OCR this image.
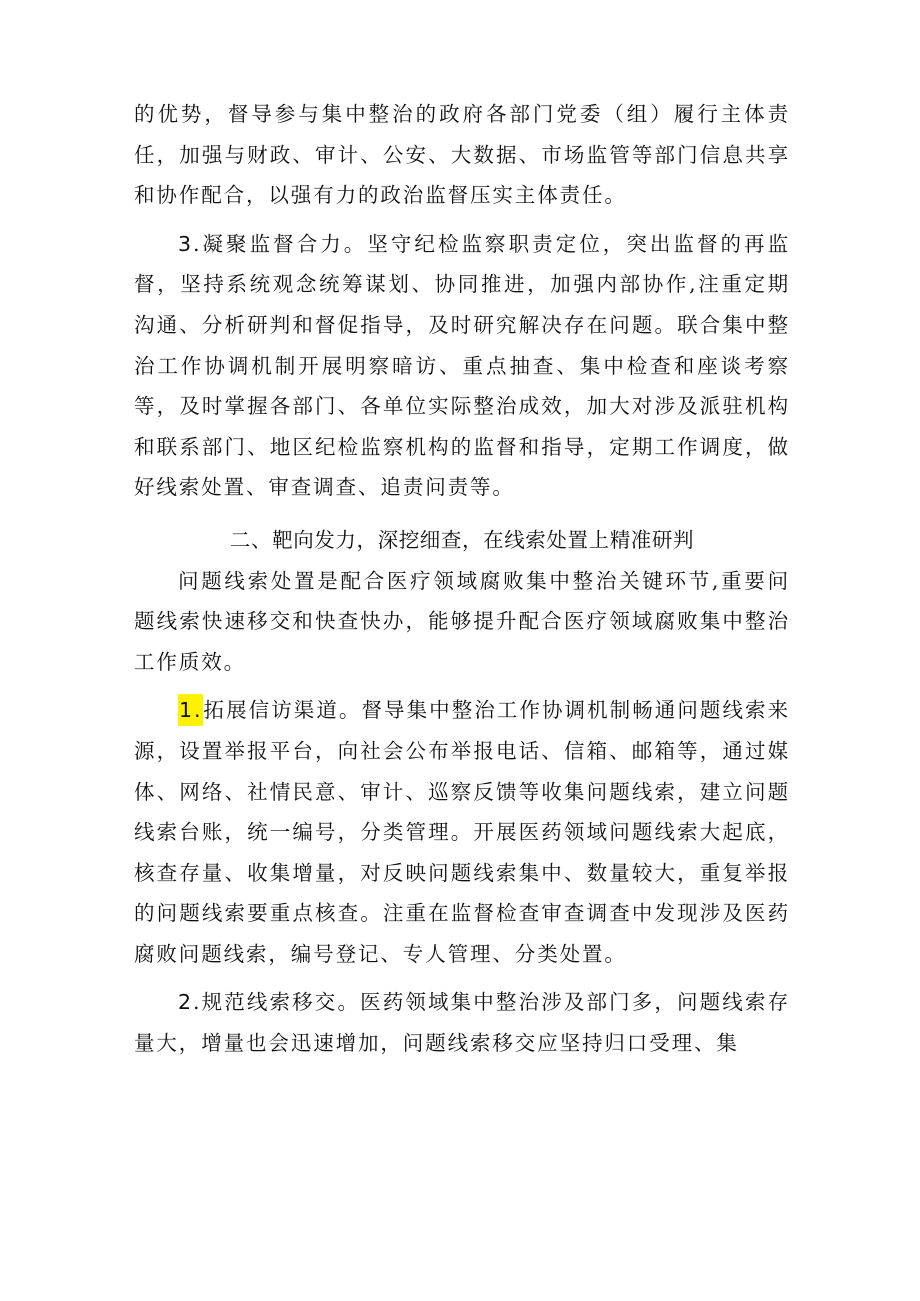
的优势，督导参与集中整治的政府各部门党委（组）履行主体责任，加强与财政、审计、公安、大数据、市场监管等部门信息共享和协作配合，以强有力的政治监督压实主体责任。

3.凝聚监督合力。坚守纪检监察职责定位，突出监督的再监督，坚持系统观念统筹谋划、协同推进，加强内部协作,注重定期沟通、分析研判和督促指导，及时研究解决存在问题。联合集中整治工作协调机制开展明察暗访、重点抽查、集中检查和座谈考察等，及时掌握各部门、各单位实际整治成效，加大对涉及派驻机构和联系部门、地区纪检监察机构的监督和指导，定期工作调度，做好线索处置、审查调查、追责问责等。

二、靶向发力，深挖细查，在线索处置上精准研判

问题线索处置是配合医疗领域腐败集中整治关键环节,重要问题线索快速移交和快查快办，能够提升配合医疗领域腐败集中整治工作质效。

1.拓展信访渠道。督导集中整治工作协调机制畅通问题线索来源，设置举报平台，向社会公布举报电话、信箱、邮箱等，通过媒体、网络、社情民意、审计、巡察反馈等收集问题线索，建立问题线索台账，统一编号，分类管理。开展医药领域问题线索大起底，核查存量、收集增量，对反映问题线索集中、数量较大，重复举报的问题线索要重点核查。注重在监督检查审查调查中发现涉及医药腐败问题线索，编号登记、专人管理、分类处置。

2.规范线索移交。医药领域集中整治涉及部门多，问题线索存量大，增量也会迅速增加，问题线索移交应坚持归口受理、集
